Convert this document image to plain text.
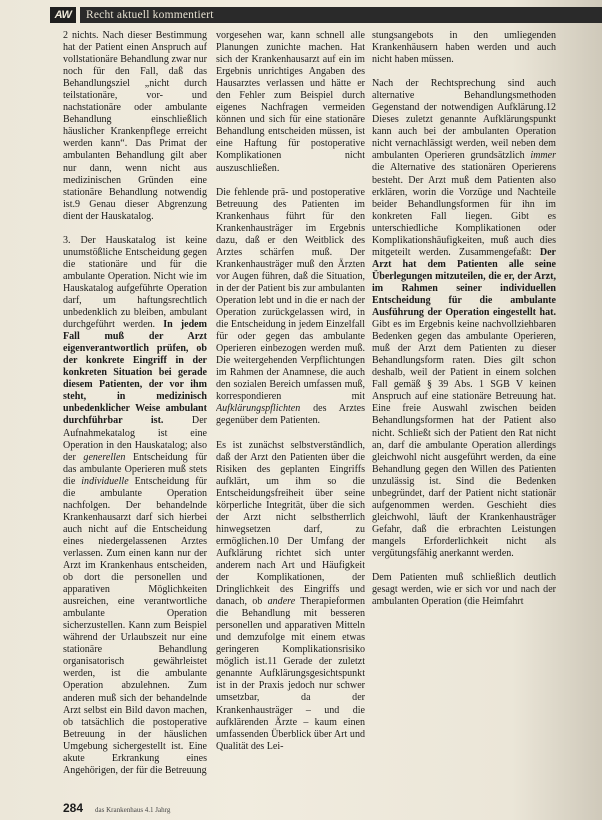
AW	Recht aktuell kommentiert

2 nichts. Nach dieser Bestimmung hat der Patient einen Anspruch auf vollstationäre Behandlung zwar nur noch für den Fall, daß das Behandlungsziel „nicht durch teilstationäre, vor- und nachstationäre oder ambulante Behandlung einschließlich häuslicher Krankenpflege erreicht werden kann“. Das Primat der ambulanten Behandlung gilt aber nur dann, wenn nicht aus medizinischen Gründen eine stationäre Behandlung notwendig ist.9 Genau dieser Abgrenzung dient der Hauskatalog.

3. Der Hauskatalog ist keine unumstößliche Entscheidung gegen die stationäre und für die ambulante Operation. Nicht wie im Hauskatalog aufgeführte Operation darf, um haftungsrechtlich unbedenklich zu bleiben, ambulant durchgeführt werden. In jedem Fall muß der Arzt eigenverantwortlich prüfen, ob der konkrete Eingriff in der konkreten Situation bei gerade diesem Patienten, der vor ihm steht, in medizinisch unbedenklicher Weise ambulant durchführbar ist. Der Aufnahmekatalog ist eine Operation in den Hauskatalog; also der generellen Entscheidung für das ambulante Operieren muß stets die individuelle Entscheidung für die ambulante Operation nachfolgen. Der behandelnde Krankenhausarzt darf sich hierbei auch nicht auf die Entscheidung eines niedergelassenen Arztes verlassen. Zum einen kann nur der Arzt im Krankenhaus entscheiden, ob dort die personellen und apparativen Möglichkeiten ausreichen, eine verantwortliche ambulante Operation sicherzustellen. Kann zum Beispiel während der Urlaubszeit nur eine stationäre Behandlung organisatorisch gewährleistet werden, ist die ambulante Operation abzulehnen. Zum anderen muß sich der behandelnde Arzt selbst ein Bild davon machen, ob tatsächlich die postoperative Betreuung in der häuslichen Umgebung sichergestellt ist. Eine akute Erkrankung eines Angehörigen, der für die Betreuung

vorgesehen war, kann schnell alle Planungen zunichte machen. Hat sich der Krankenhausarzt auf ein im Ergebnis unrichtiges Angaben des Hausarztes verlassen und hätte er den Fehler zum Beispiel durch eigenes Nachfragen vermeiden können und sich für eine stationäre Behandlung entscheiden müssen, ist eine Haftung für postoperative Komplikationen nicht auszuschließen.

Die fehlende prä- und postoperative Betreuung des Patienten im Krankenhaus führt für den Krankenhausträger im Ergebnis dazu, daß er den Weitblick des Arztes schärfen muß. Der Krankenhausträger muß den Ärzten vor Augen führen, daß die Situation, in der der Patient bis zur ambulanten Operation lebt und in die er nach der Operation zurückgelassen wird, in die Entscheidung in jedem Einzelfall für oder gegen das ambulante Operieren einbezogen werden muß. Die weitergehenden Verpflichtungen im Rahmen der Anamnese, die auch den sozialen Bereich umfassen muß, korrespondieren mit Aufklärungspflichten des Arztes gegenüber dem Patienten.

Es ist zunächst selbstverständlich, daß der Arzt den Patienten über die Risiken des geplanten Eingriffs aufklärt, um ihm so die Entscheidungsfreiheit über seine körperliche Integrität, über die sich der Arzt nicht selbstherrlich hinwegsetzen darf, zu ermöglichen.10 Der Umfang der Aufklärung richtet sich unter anderem nach Art und Häufigkeit der Komplikationen, der Dringlichkeit des Eingriffs und danach, ob andere Therapieformen die Behandlung mit besseren personellen und apparativen Mitteln und demzufolge mit einem etwas geringeren Komplikationsrisiko möglich ist.11 Gerade der zuletzt genannte Aufklärungsgesichtspunkt ist in der Praxis jedoch nur schwer umsetzbar, da der Krankenhausträger – und die aufklärenden Ärzte – kaum einen umfassenden Überblick über Art und Qualität des Lei-

stungsangebots in den umliegenden Krankenhäusern haben werden und auch nicht haben müssen.

Nach der Rechtsprechung sind auch alternative Behandlungsmethoden Gegenstand der notwendigen Aufklärung.12 Dieses zuletzt genannte Aufklärungspunkt kann auch bei der ambulanten Operation nicht vernachlässigt werden, weil neben dem ambulanten Operieren grundsätzlich immer die Alternative des stationären Operierens besteht. Der Arzt muß dem Patienten also erklären, worin die Vorzüge und Nachteile beider Behandlungsformen für ihn im konkreten Fall liegen. Gibt es unterschiedliche Komplikationen oder Komplikationshäufigkeiten, muß auch dies mitgeteilt werden. Zusammengefaßt: Der Arzt hat dem Patienten alle seine Überlegungen mitzuteilen, die er, der Arzt, im Rahmen seiner individuellen Entscheidung für die ambulante Ausführung der Operation eingestellt hat. Gibt es im Ergebnis keine nachvollziehbaren Bedenken gegen das ambulante Operieren, muß der Arzt dem Patienten zu dieser Behandlungsform raten. Dies gilt schon deshalb, weil der Patient in einem solchen Fall gemäß § 39 Abs. 1 SGB V keinen Anspruch auf eine stationäre Betreuung hat. Eine freie Auswahl zwischen beiden Behandlungsformen hat der Patient also nicht. Schließt sich der Patient den Rat nicht an, darf die ambulante Operation allerdings gleichwohl nicht ausgeführt werden, da eine Behandlung gegen den Willen des Patienten unzulässig ist. Sind die Bedenken unbegründet, darf der Patient nicht stationär aufgenommen werden. Geschieht dies gleichwohl, läuft der Krankenhausträger Gefahr, daß die erbrachten Leistungen mangels Erforderlichkeit nicht als vergütungsfähig anerkannt werden.

Dem Patienten muß schließlich deutlich gesagt werden, wie er sich vor und nach der ambulanten Operation (die Heimfahrt

284 das Krankenhaus 4.1 Jahrg
